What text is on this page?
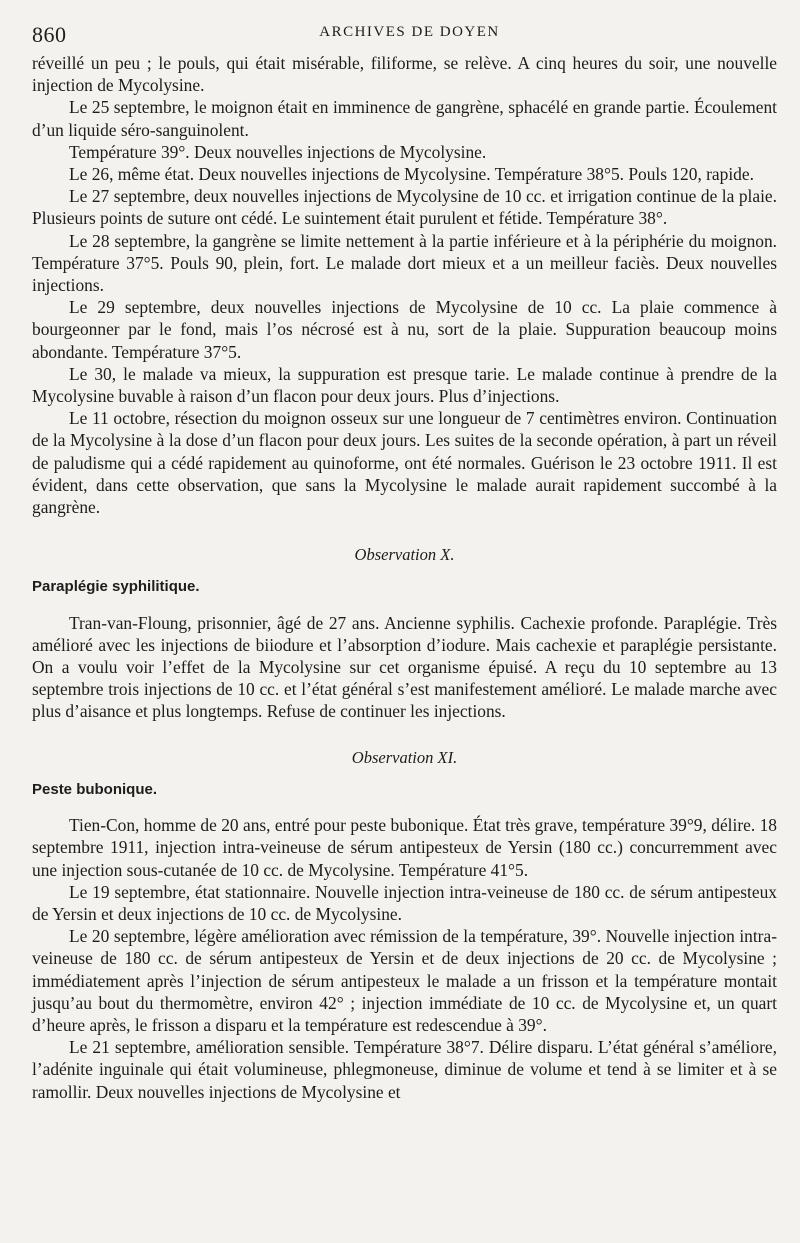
860	ARCHIVES DE DOYEN

réveillé un peu ; le pouls, qui était misérable, filiforme, se relève. A cinq heures du soir, une nouvelle injection de Mycolysine.

Le 25 septembre, le moignon était en imminence de gangrène, sphacélé en grande partie. Écoulement d’un liquide séro-sanguinolent.

Température 39°. Deux nouvelles injections de Mycolysine.

Le 26, même état. Deux nouvelles injections de Mycolysine. Température 38°5. Pouls 120, rapide.

Le 27 septembre, deux nouvelles injections de Mycolysine de 10 cc. et irrigation continue de la plaie. Plusieurs points de suture ont cédé. Le suintement était purulent et fétide. Température 38°.

Le 28 septembre, la gangrène se limite nettement à la partie inférieure et à la périphérie du moignon. Température 37°5. Pouls 90, plein, fort. Le malade dort mieux et a un meilleur faciès. Deux nouvelles injections.

Le 29 septembre, deux nouvelles injections de Mycolysine de 10 cc. La plaie commence à bourgeonner par le fond, mais l’os nécrosé est à nu, sort de la plaie. Suppuration beaucoup moins abondante. Température 37°5.

Le 30, le malade va mieux, la suppuration est presque tarie. Le malade continue à prendre de la Mycolysine buvable à raison d’un flacon pour deux jours. Plus d’injections.

Le 11 octobre, résection du moignon osseux sur une longueur de 7 centimètres environ. Continuation de la Mycolysine à la dose d’un flacon pour deux jours. Les suites de la seconde opération, à part un réveil de paludisme qui a cédé rapidement au quinoforme, ont été normales. Guérison le 23 octobre 1911. Il est évident, dans cette observation, que sans la Mycolysine le malade aurait rapidement succombé à la gangrène.

Observation X.
Paraplégie syphilitique.

Tran-van-Floung, prisonnier, âgé de 27 ans. Ancienne syphilis. Cachexie profonde. Paraplégie. Très amélioré avec les injections de biiodure et l’absorption d’iodure. Mais cachexie et paraplégie persistante. On a voulu voir l’effet de la Mycolysine sur cet organisme épuisé. A reçu du 10 septembre au 13 septembre trois injections de 10 cc. et l’état général s’est manifestement amélioré. Le malade marche avec plus d’aisance et plus longtemps. Refuse de continuer les injections.

Observation XI.
Peste bubonique.

Tien-Con, homme de 20 ans, entré pour peste bubonique. État très grave, température 39°9, délire. 18 septembre 1911, injection intra-veineuse de sérum antipesteux de Yersin (180 cc.) concurremment avec une injection sous-cutanée de 10 cc. de Mycolysine. Température 41°5.

Le 19 septembre, état stationnaire. Nouvelle injection intra-veineuse de 180 cc. de sérum antipesteux de Yersin et deux injections de 10 cc. de Mycolysine.

Le 20 septembre, légère amélioration avec rémission de la température, 39°. Nouvelle injection intra-veineuse de 180 cc. de sérum antipesteux de Yersin et de deux injections de 20 cc. de Mycolysine ; immédiatement après l’injection de sérum antipesteux le malade a un frisson et la température montait jusqu’au bout du thermomètre, environ 42° ; injection immédiate de 10 cc. de Mycolysine et, un quart d’heure après, le frisson a disparu et la température est redescendue à 39°.

Le 21 septembre, amélioration sensible. Température 38°7. Délire disparu. L’état général s’améliore, l’adénite inguinale qui était volumineuse, phlegmoneuse, diminue de volume et tend à se limiter et à se ramollir. Deux nouvelles injections de Mycolysine et
